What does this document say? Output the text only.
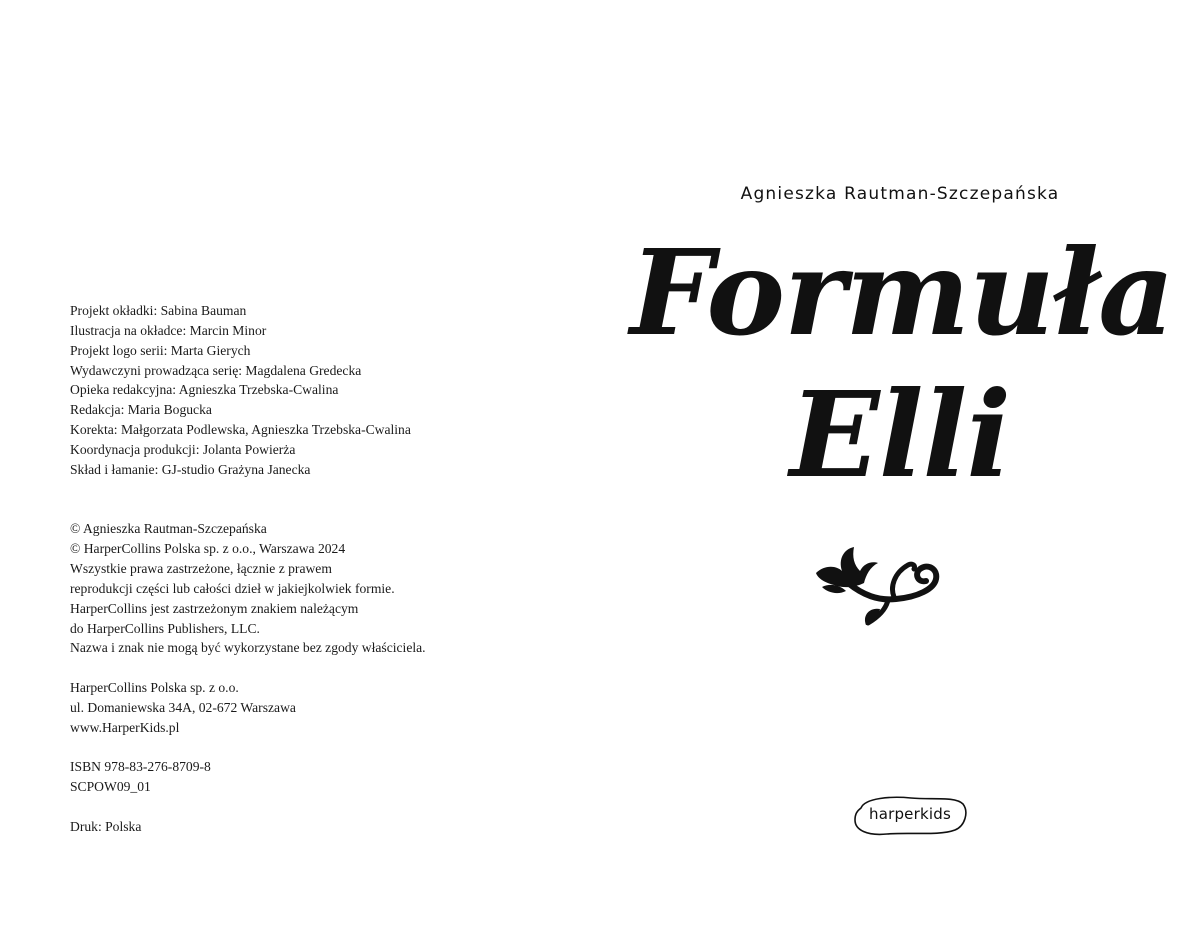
Projekt okładki: Sabina Bauman
Ilustracja na okładce: Marcin Minor
Projekt logo serii: Marta Gierych
Wydawczyni prowadząca serię: Magdalena Gredecka
Opieka redakcyjna: Agnieszka Trzebska-Cwalina
Redakcja: Maria Bogucka
Korekta: Małgorzata Podlewska, Agnieszka Trzebska-Cwalina
Koordynacja produkcji: Jolanta Powierża
Skład i łamanie: GJ-studio Grażyna Janecka
© Agnieszka Rautman-Szczepańska
© HarperCollins Polska sp. z o.o., Warszawa 2024
Wszystkie prawa zastrzeżone, łącznie z prawem
reprodukcji części lub całości dzieł w jakiejkolwiek formie.
HarperCollins jest zastrzeżonym znakiem należącym
do HarperCollins Publishers, LLC.
Nazwa i znak nie mogą być wykorzystane bez zgody właściciela.
HarperCollins Polska sp. z o.o.
ul. Domaniewska 34A, 02-672 Warszawa
www.HarperKids.pl
ISBN 978-83-276-8709-8
SCPOW09_01
Druk: Polska
Agnieszka Rautman-Szczepańska
Formuła
Elli
harperkids
